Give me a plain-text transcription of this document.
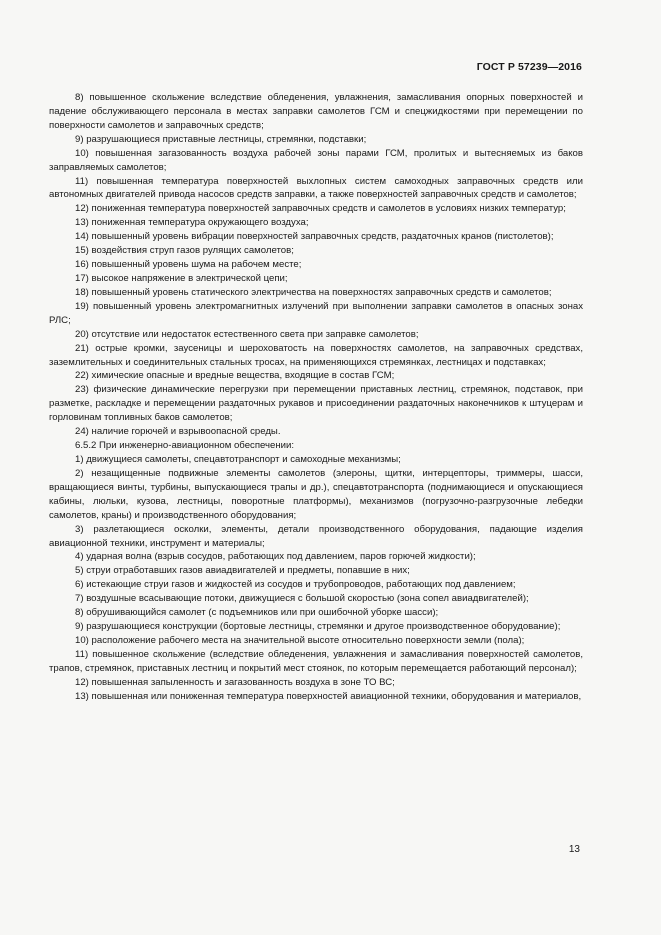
ГОСТ Р 57239—2016

8) повышенное скольжение вследствие обледенения, увлажнения, замасливания опорных поверхностей и падение обслуживающего персонала в местах заправки самолетов ГСМ и спецжидкостями при перемещении по поверхности самолетов и заправочных средств;

9) разрушающиеся приставные лестницы, стремянки, подставки;

10) повышенная загазованность воздуха рабочей зоны парами ГСМ, пролитых и вытесняемых из баков заправляемых самолетов;

11) повышенная температура поверхностей выхлопных систем самоходных заправочных средств или автономных двигателей привода насосов средств заправки, а также поверхностей заправочных средств и самолетов;

12) пониженная температура поверхностей заправочных средств и самолетов в условиях низких температур;

13) пониженная температура окружающего воздуха;

14) повышенный уровень вибрации поверхностей заправочных средств, раздаточных кранов (пистолетов);

15) воздействия струп газов рулящих самолетов;

16) повышенный уровень шума на рабочем месте;

17) высокое напряжение в электрической цепи;

18) повышенный уровень статического электричества на поверхностях заправочных средств и самолетов;

19) повышенный уровень электромагнитных излучений при выполнении заправки самолетов в опасных зонах РЛС;

20) отсутствие или недостаток естественного света при заправке самолетов;

21) острые кромки, заусеницы и шероховатость на поверхностях самолетов, на заправочных средствах, заземлительных и соединительных стальных тросах, на применяющихся стремянках, лестницах и подставках;

22) химические опасные и вредные вещества, входящие в состав ГСМ;

23) физические динамические перегрузки при перемещении приставных лестниц, стремянок, подставок, при разметке, раскладке и перемещении раздаточных рукавов и присоединении раздаточных наконечников к штуцерам и горловинам топливных баков самолетов;

24) наличие горючей и взрывоопасной среды.

6.5.2 При инженерно-авиационном обеспечении:

1) движущиеся самолеты, спецавтотранспорт и самоходные механизмы;

2) незащищенные подвижные элементы самолетов (элероны, щитки, интерцепторы, триммеры, шасси, вращающиеся винты, турбины, выпускающиеся трапы и др.), спецавтотранспорта (поднимающиеся и опускающиеся кабины, люльки, кузова, лестницы, поворотные платформы), механизмов (погрузочно-разгрузочные лебедки самолетов, краны) и производственного оборудования;

3) разлетающиеся осколки, элементы, детали производственного оборудования, падающие изделия авиационной техники, инструмент и материалы;

4) ударная волна (взрыв сосудов, работающих под давлением, паров горючей жидкости);

5) струи отработавших газов авиадвигателей и предметы, попавшие в них;

6) истекающие струи газов и жидкостей из сосудов и трубопроводов, работающих под давлением;

7) воздушные всасывающие потоки, движущиеся с большой скоростью (зона сопел авиадвигателей);

8) обрушивающийся самолет (с подъемников или при ошибочной уборке шасси);

9) разрушающиеся конструкции (бортовые лестницы, стремянки и другое производственное оборудование);

10) расположение рабочего места на значительной высоте относительно поверхности земли (пола);

11) повышенное скольжение (вследствие обледенения, увлажнения и замасливания поверхностей самолетов, трапов, стремянок, приставных лестниц и покрытий мест стоянок, по которым перемещается работающий персонал);

12) повышенная запыленность и загазованность воздуха в зоне ТО ВС;

13) повышенная или пониженная температура поверхностей авиационной техники, оборудования и материалов,

13
